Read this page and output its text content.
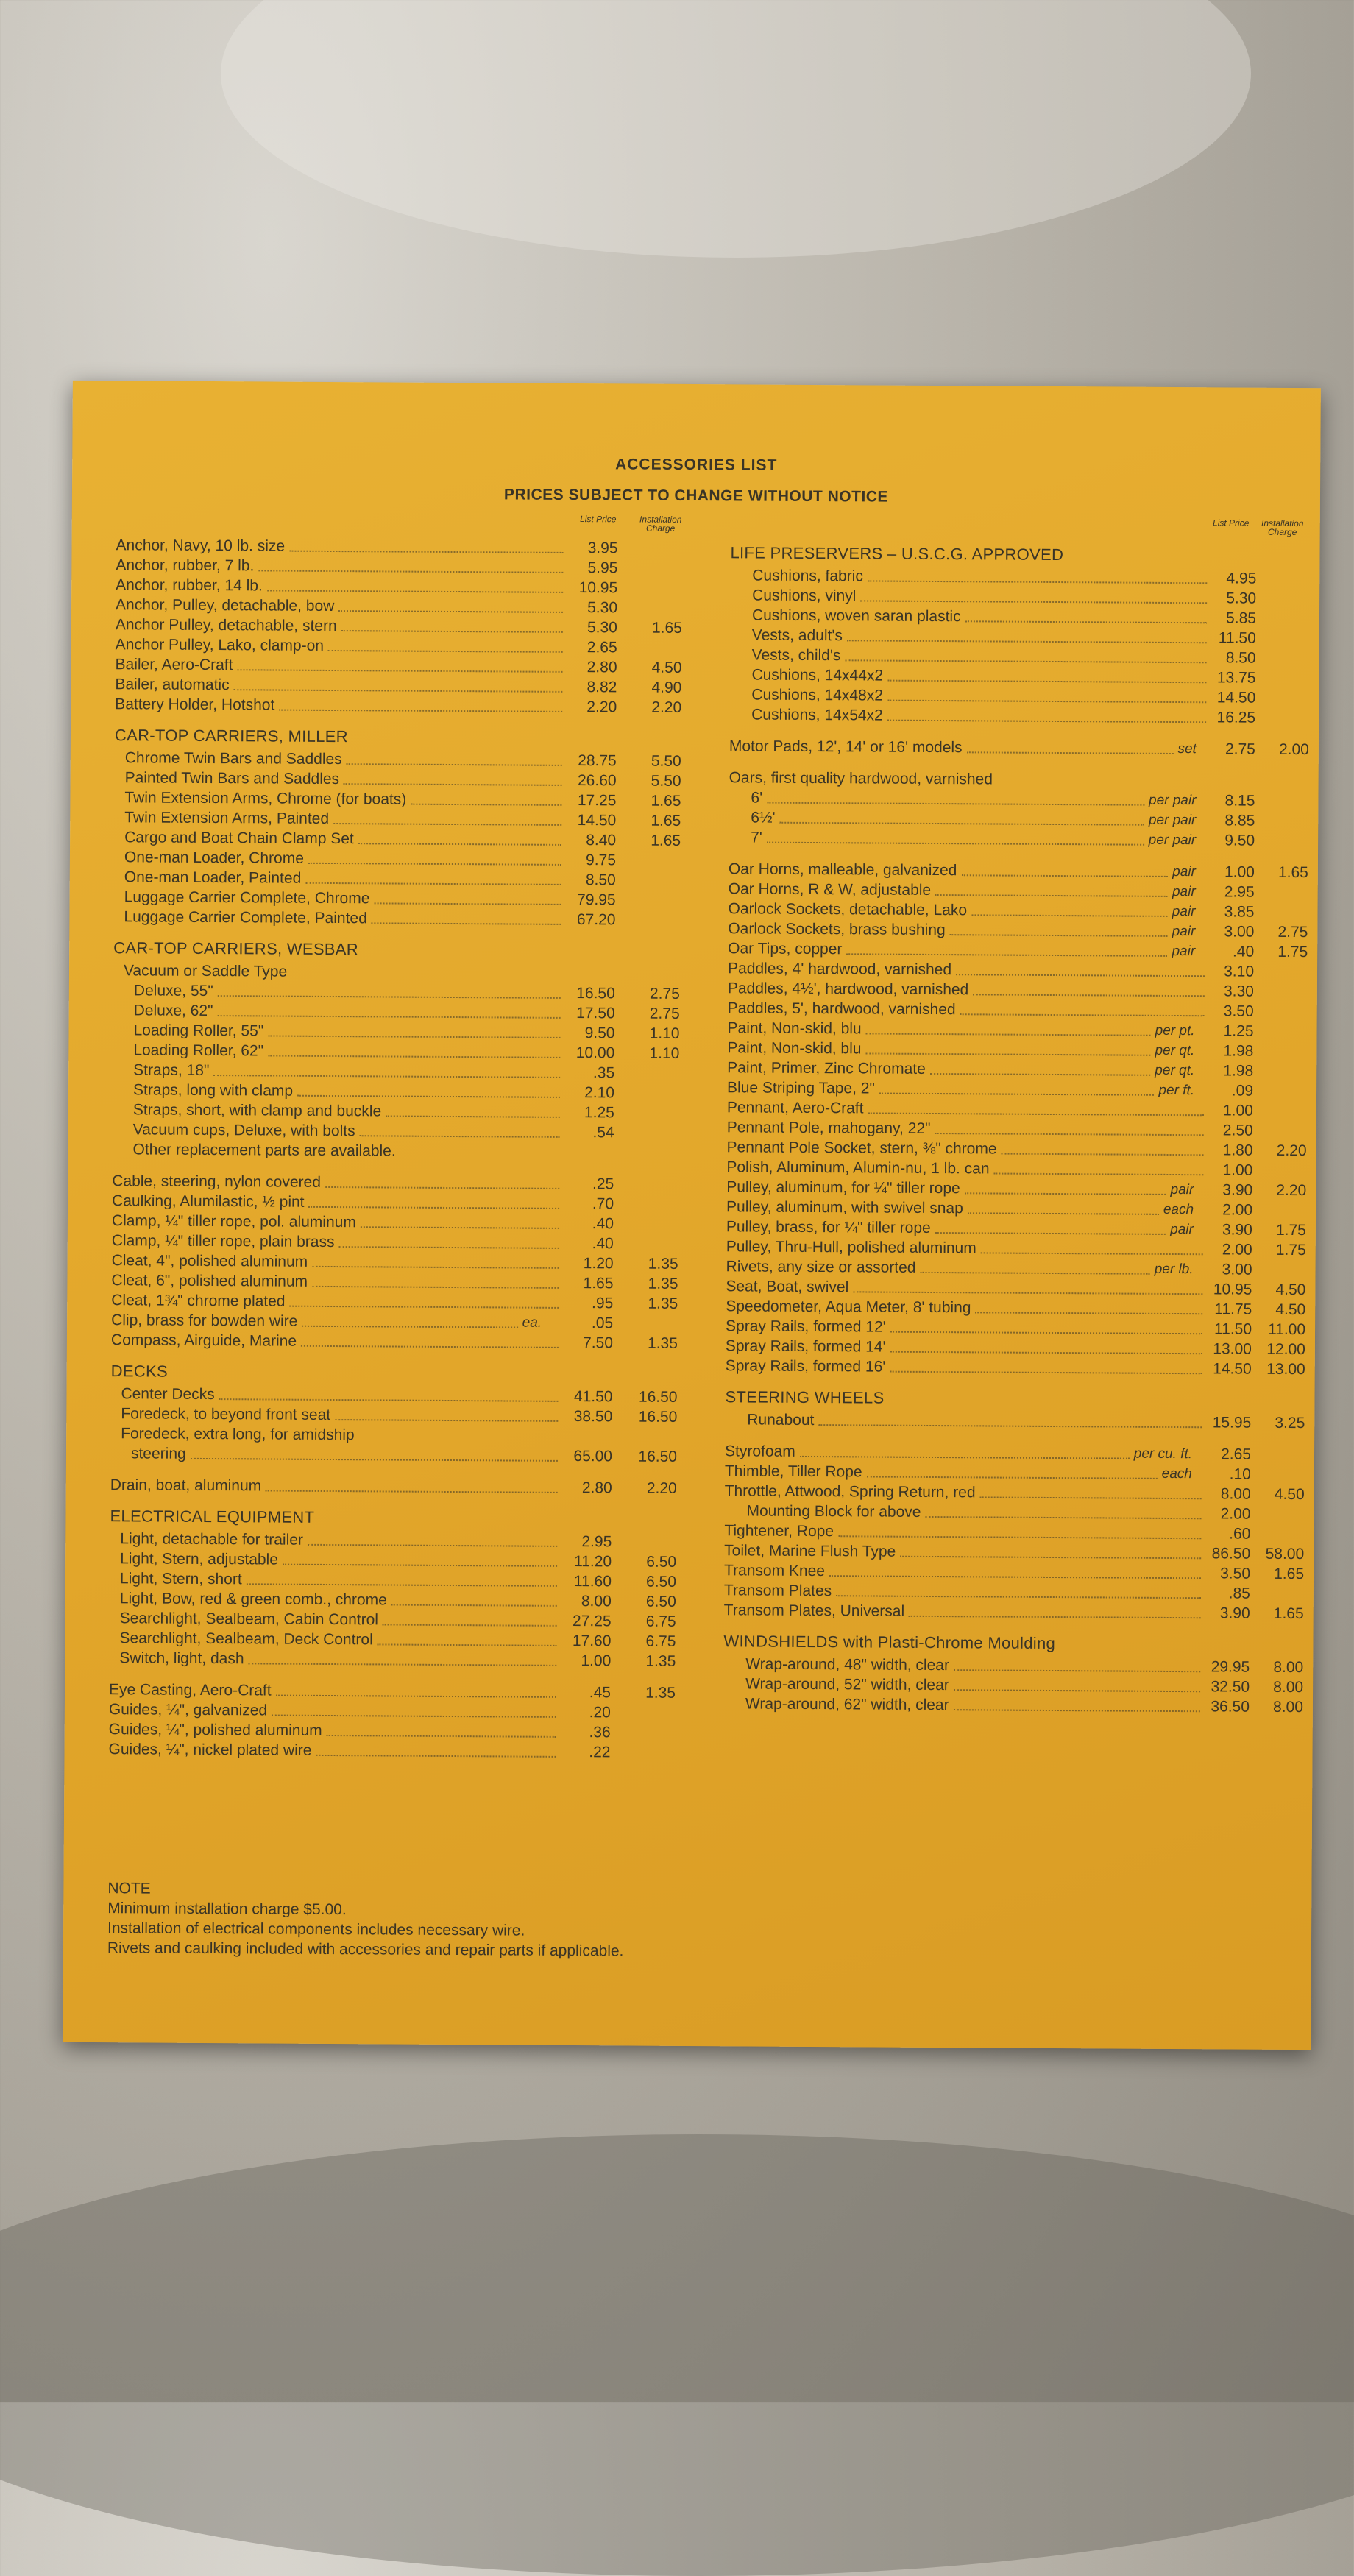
ACCESSORIES LIST
PRICES SUBJECT TO CHANGE WITHOUT NOTICE
List Price	Installation Charge
Anchor, Navy, 10 lb. size	3.95
Anchor, rubber, 7 lb.	5.95
Anchor, rubber, 14 lb.	10.95
Anchor, Pulley, detachable, bow	5.30
Anchor Pulley, detachable, stern	5.30	1.65
Anchor Pulley, Lako, clamp-on	2.65
Bailer, Aero-Craft	2.80	4.50
Bailer, automatic	8.82	4.90
Battery Holder, Hotshot	2.20	2.20
CAR-TOP CARRIERS, MILLER
Chrome Twin Bars and Saddles	28.75	5.50
Painted Twin Bars and Saddles	26.60	5.50
Twin Extension Arms, Chrome (for boats)	17.25	1.65
Twin Extension Arms, Painted	14.50	1.65
Cargo and Boat Chain Clamp Set	8.40	1.65
One-man Loader, Chrome	9.75
One-man Loader, Painted	8.50
Luggage Carrier Complete, Chrome	79.95
Luggage Carrier Complete, Painted	67.20
CAR-TOP CARRIERS, WESBAR
Vacuum or Saddle Type
Deluxe, 55"	16.50	2.75
Deluxe, 62"	17.50	2.75
Loading Roller, 55"	9.50	1.10
Loading Roller, 62"	10.00	1.10
Straps, 18"	.35
Straps, long with clamp	2.10
Straps, short, with clamp and buckle	1.25
Vacuum cups, Deluxe, with bolts	.54
Other replacement parts are available.
Cable, steering, nylon covered	.25
Caulking, Alumilastic, ½ pint	.70
Clamp, ¼" tiller rope, pol. aluminum	.40
Clamp, ¼" tiller rope, plain brass	.40
Cleat, 4", polished aluminum	1.20	1.35
Cleat, 6", polished aluminum	1.65	1.35
Cleat, 1¾" chrome plated	.95	1.35
Clip, brass for bowden wire	ea.	.05
Compass, Airguide, Marine	7.50	1.35
DECKS
Center Decks	41.50	16.50
Foredeck, to beyond front seat	38.50	16.50
Foredeck, extra long, for amidship
steering	65.00	16.50
Drain, boat, aluminum	2.80	2.20
ELECTRICAL EQUIPMENT
Light, detachable for trailer	2.95
Light, Stern, adjustable	11.20	6.50
Light, Stern, short	11.60	6.50
Light, Bow, red & green comb., chrome	8.00	6.50
Searchlight, Sealbeam, Cabin Control	27.25	6.75
Searchlight, Sealbeam, Deck Control	17.60	6.75
Switch, light, dash	1.00	1.35
Eye Casting, Aero-Craft	.45	1.35
Guides, ¼", galvanized	.20
Guides, ¼", polished aluminum	.36
Guides, ¼", nickel plated wire	.22
List Price	Installation Charge
LIFE PRESERVERS – U.S.C.G. APPROVED
Cushions, fabric	4.95
Cushions, vinyl	5.30
Cushions, woven saran plastic	5.85
Vests, adult's	11.50
Vests, child's	8.50
Cushions, 14x44x2	13.75
Cushions, 14x48x2	14.50
Cushions, 14x54x2	16.25
Motor Pads, 12', 14' or 16' models	set	2.75	2.00
Oars, first quality hardwood, varnished
6'	per pair	8.15
6½'	per pair	8.85
7'	per pair	9.50
Oar Horns, malleable, galvanized	pair	1.00	1.65
Oar Horns, R & W, adjustable	pair	2.95
Oarlock Sockets, detachable, Lako	pair	3.85
Oarlock Sockets, brass bushing	pair	3.00	2.75
Oar Tips, copper	pair	.40	1.75
Paddles, 4' hardwood, varnished	3.10
Paddles, 4½', hardwood, varnished	3.30
Paddles, 5', hardwood, varnished	3.50
Paint, Non-skid, blu	per pt.	1.25
Paint, Non-skid, blu	per qt.	1.98
Paint, Primer, Zinc Chromate	per qt.	1.98
Blue Striping Tape, 2"	per ft.	.09
Pennant, Aero-Craft	1.00
Pennant Pole, mahogany, 22"	2.50
Pennant Pole Socket, stern, ⅜" chrome	1.80	2.20
Polish, Aluminum, Alumin-nu, 1 lb. can	1.00
Pulley, aluminum, for ¼" tiller rope	pair	3.90	2.20
Pulley, aluminum, with swivel snap	each	2.00
Pulley, brass, for ¼" tiller rope	pair	3.90	1.75
Pulley, Thru-Hull, polished aluminum	2.00	1.75
Rivets, any size or assorted	per lb.	3.00
Seat, Boat, swivel	10.95	4.50
Speedometer, Aqua Meter, 8' tubing	11.75	4.50
Spray Rails, formed 12'	11.50	11.00
Spray Rails, formed 14'	13.00 12.00
Spray Rails, formed 16'	14.50 13.00
STEERING WHEELS
Runabout	15.95	3.25
Styrofoam	per cu. ft.	2.65
Thimble, Tiller Rope	each	.10
Throttle, Attwood, Spring Return, red	8.00	4.50
Mounting Block for above	2.00
Tightener, Rope	.60
Toilet, Marine Flush Type	86.50 58.00
Transom Knee	3.50	1.65
Transom Plates	.85
Transom Plates, Universal	3.90	1.65
WINDSHIELDS with Plasti-Chrome Moulding
Wrap-around, 48" width, clear	29.95	8.00
Wrap-around, 52" width, clear	32.50	8.00
Wrap-around, 62" width, clear	36.50	8.00
NOTE
Minimum installation charge $5.00.
Installation of electrical components includes necessary wire.
Rivets and caulking included with accessories and repair parts if applicable.
